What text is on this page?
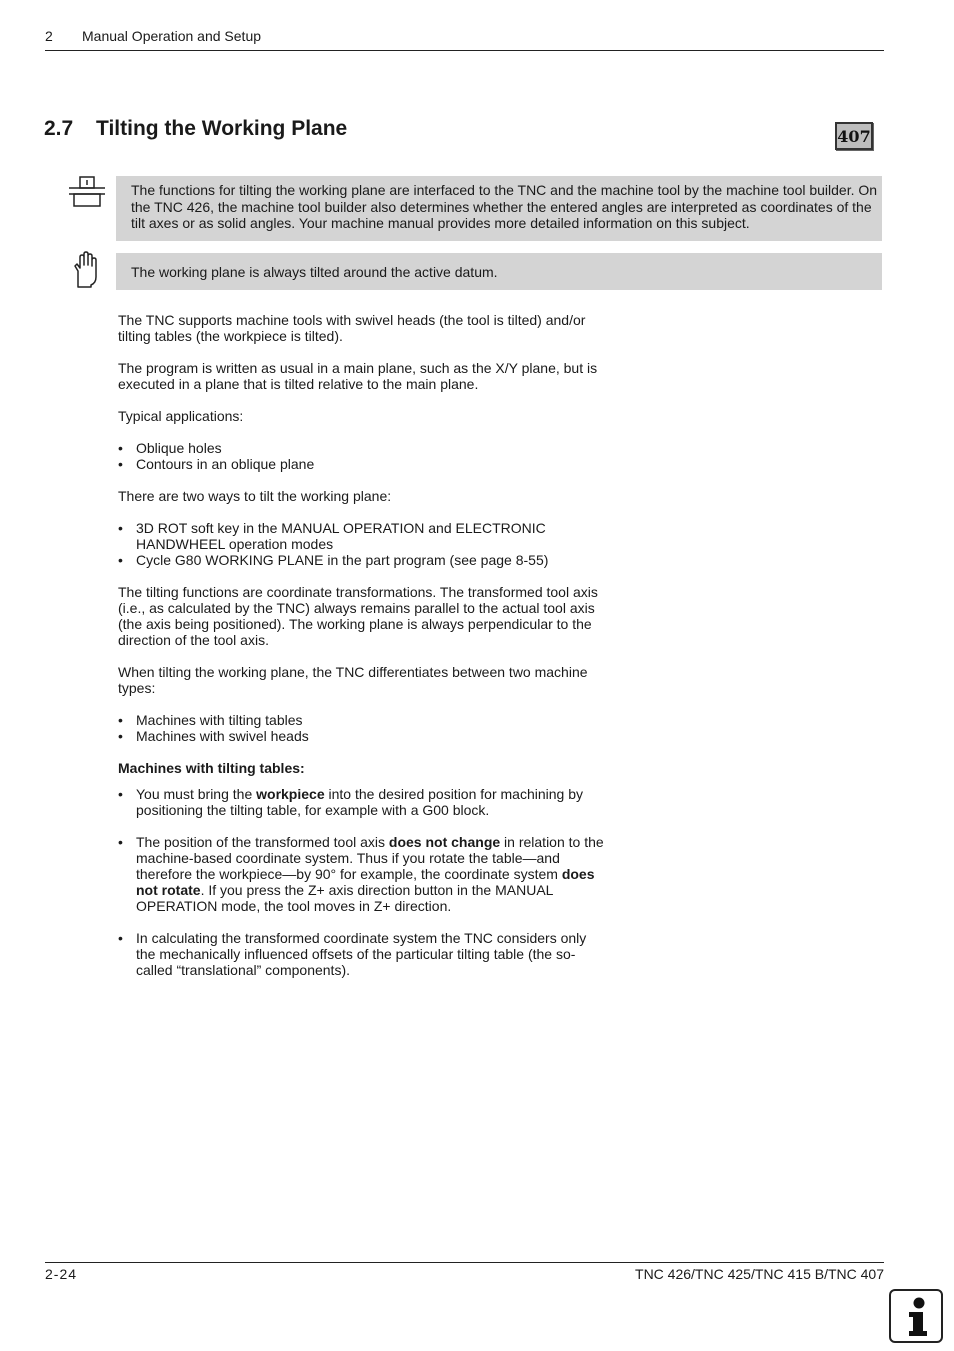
2 Manual Operation and Setup
2.7 Tilting the Working Plane	407
The functions for tilting the working plane are interfaced to the TNC and the machine tool by the machine tool builder. On the TNC 426, the machine tool builder also determines whether the entered angles are interpreted as coordinates of the tilt axes or as solid angles. Your machine manual provides more detailed information on this subject.
The working plane is always tilted around the active datum.

The TNC supports machine tools with swivel heads (the tool is tilted) and/or tilting tables (the workpiece is tilted).

The program is written as usual in a main plane, such as the X/Y plane, but is executed in a plane that is tilted relative to the main plane.

Typical applications:

• Oblique holes
• Contours in an oblique plane

There are two ways to tilt the working plane:

• 3D ROT soft key in the MANUAL OPERATION and ELECTRONIC HANDWHEEL operation modes
• Cycle G80 WORKING PLANE in the part program (see page 8-55)

The tilting functions are coordinate transformations. The transformed tool axis (i.e., as calculated by the TNC) always remains parallel to the actual tool axis (the axis being positioned). The working plane is always perpendicular to the direction of the tool axis.

When tilting the working plane, the TNC differentiates between two machine types:

• Machines with tilting tables
• Machines with swivel heads
Machines with tilting tables:
• You must bring the workpiece into the desired position for machining by positioning the tilting table, for example with a G00 block.
• The position of the transformed tool axis does not change in relation to the machine-based coordinate system. Thus if you rotate the table—and therefore the workpiece—by 90° for example, the coordinate system does not rotate. If you press the Z+ axis direction button in the MANUAL OPERATION mode, the tool moves in Z+ direction.
• In calculating the transformed coordinate system the TNC considers only the mechanically influenced offsets of the particular tilting table (the so-called “translational” components).
2-24	TNC 426/TNC 425/TNC 415 B/TNC 407
